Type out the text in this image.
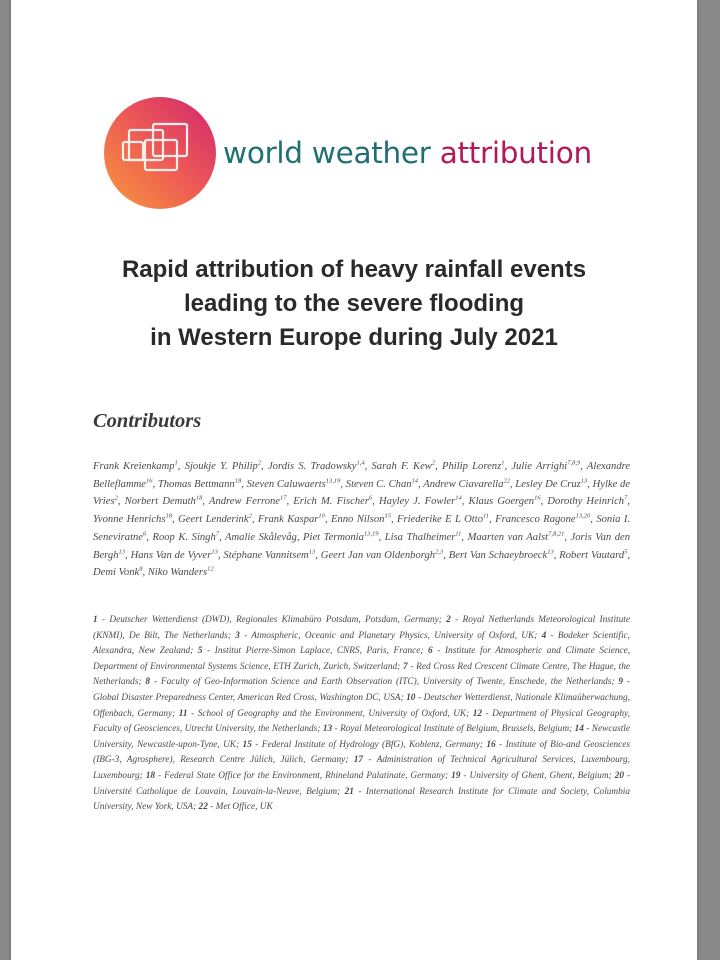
world weather attribution
Rapid attribution of heavy rainfall events
leading to the severe flooding
in Western Europe during July 2021
Contributors

Frank Kreienkamp$^1$, Sjoukje Y. Philip$^2$, Jordis S. Tradowsky$^{1,4}$, Sarah F. Kew$^2$, Philip Lorenz$^1$, Julie Arrighi$^{7,8,9}$, Alexandre Belleflamme$^{16}$, Thomas Bettmann$^{18}$, Steven Caluwaerts$^{13,19}$, Steven C. Chan$^{14}$, Andrew Ciavarella$^{22}$, Lesley De Cruz$^{13}$, Hylke de Vries$^2$, Norbert Demuth$^{18}$, Andrew Ferrone$^{17}$, Erich M. Fischer$^6$, Hayley J. Fowler$^{14}$, Klaus Goergen$^{16}$, Dorothy Heinrich$^7$, Yvonne Henrichs$^{18}$, Geert Lenderink$^2$, Frank Kaspar$^{10}$, Enno Nilson$^{15}$, Friederike E L Otto$^{11}$, Francesco Ragone$^{13,20}$, Sonia I. Seneviratne$^6$, Roop K. Singh$^7$, Amalie Skålevåg, Piet Termonia$^{13,19}$, Lisa Thalheimer$^{11}$, Maarten van Aalst$^{7,8,21}$, Joris Van den Bergh$^{13}$, Hans Van de Vyver$^{13}$, Stéphane Vannitsem$^{13}$, Geert Jan van Oldenborgh$^{2,3}$, Bert Van Schaeybroeck$^{13}$, Robert Vautard$^5$, Demi Vonk$^8$, Niko Wanders$^{12}$

1 - Deutscher Wetterdienst (DWD), Regionales Klimabüro Potsdam, Potsdam, Germany; 2 - Royal Netherlands Meteorological Institute (KNMI), De Bilt, The Netherlands; 3 - Atmospheric, Oceanic and Planetary Physics, University of Oxford, UK; 4 - Bodeker Scientific, Alexandra, New Zealand; 5 - Institut Pierre-Simon Laplace, CNRS, Paris, France; 6 - Institute for Atmospheric and Climate Science, Department of Environmental Systems Science, ETH Zurich, Zurich, Switzerland; 7 - Red Cross Red Crescent Climate Centre, The Hague, the Netherlands; 8 - Faculty of Geo-Information Science and Earth Observation (ITC), University of Twente, Enschede, the Netherlands; 9 - Global Disaster Preparedness Center, American Red Cross, Washington DC, USA; 10 - Deutscher Wetterdienst, Nationale Klimaüberwachung, Offenbach, Germany; 11 - School of Geography and the Environment, University of Oxford, UK; 12 - Department of Physical Geography, Faculty of Geosciences, Utrecht University, the Netherlands; 13 - Royal Meteorological Institute of Belgium, Brussels, Belgium; 14 - Newcastle University, Newcastle-upon-Tyne, UK; 15 - Federal Institute of Hydrology (BfG), Koblenz, Germany; 16 - Institute of Bio-and Geosciences (IBG-3, Agrosphere), Research Centre Jülich, Jülich, Germany; 17 - Administration of Technical Agricultural Services, Luxembourg, Luxembourg; 18 - Federal State Office for the Environment, Rhineland Palatinate, Germany; 19 - University of Ghent, Ghent, Belgium; 20 - Université Catholique de Louvain, Louvain-la-Neuve, Belgium; 21 - International Research Institute for Climate and Society, Columbia University, New York, USA; 22 - Met Office, UK
